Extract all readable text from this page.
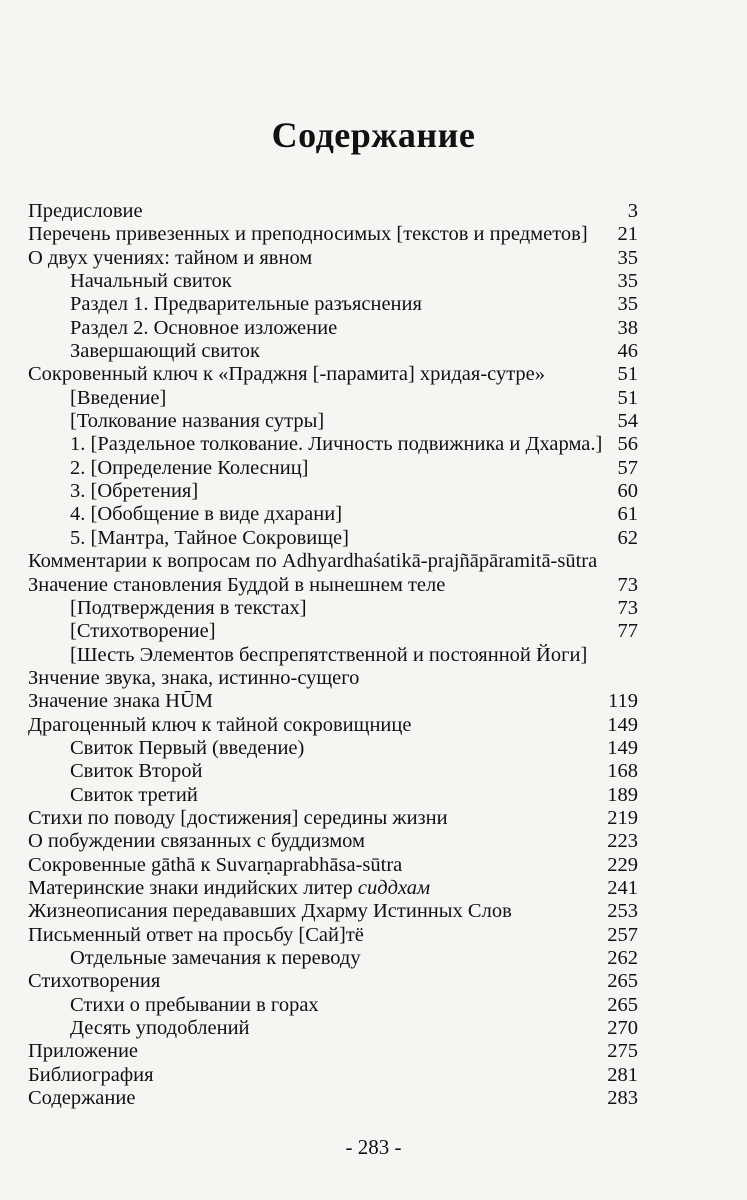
Содержание
Предисловие	3
Перечень привезенных и преподносимых [текстов и предметов] 21
О двух учениях: тайном и явном	35
Начальный свиток	35
Раздел 1. Предварительные разъяснения	35
Раздел 2. Основное изложение	38
Завершающий свиток	46
Сокровенный ключ к «Праджня [-парамита] хридая-сутре»	51
[Введение]	51
[Толкование названия сутры]	54
1. [Раздельное толкование. Личность подвижника и Дхарма.] 56
2. [Определение Колесниц]	57
3. [Обретения]	60
4. [Обобщение в виде дхарани]	61
5. [Мантра, Тайное Сокровище]	62
Комментарии к вопросам по Adhyardhaśatikā-prajñāpāramitā-sūtra
Значение становления Буддой в нынешнем теле	73
[Подтверждения в текстах]	73
[Стихотворение]	77
[Шесть Элементов беспрепятственной и постоянной Йоги]
Знчение звука, знака, истинно-сущего
Значение знака HŪM	119
Драгоценный ключ к тайной сокровищнице	149
Свиток Первый (введение)	149
Свиток Второй	168
Свиток третий	189
Стихи по поводу [достижения] середины жизни	219
О побуждении связанных с буддизмом	223
Сокровенные gāthā к Suvarṇaprabhāsa-sūtra	229
Материнские знаки индийских литер сиддхам	241
Жизнеописания передававших Дхарму Истинных Слов	253
Письменный ответ на просьбу [Сай]тё	257
Отдельные замечания к переводу	262
Стихотворения	265
Стихи о пребывании в горах	265
Десять уподоблений	270
Приложение	275
Библиография	281
Содержание	283
- 283 -
